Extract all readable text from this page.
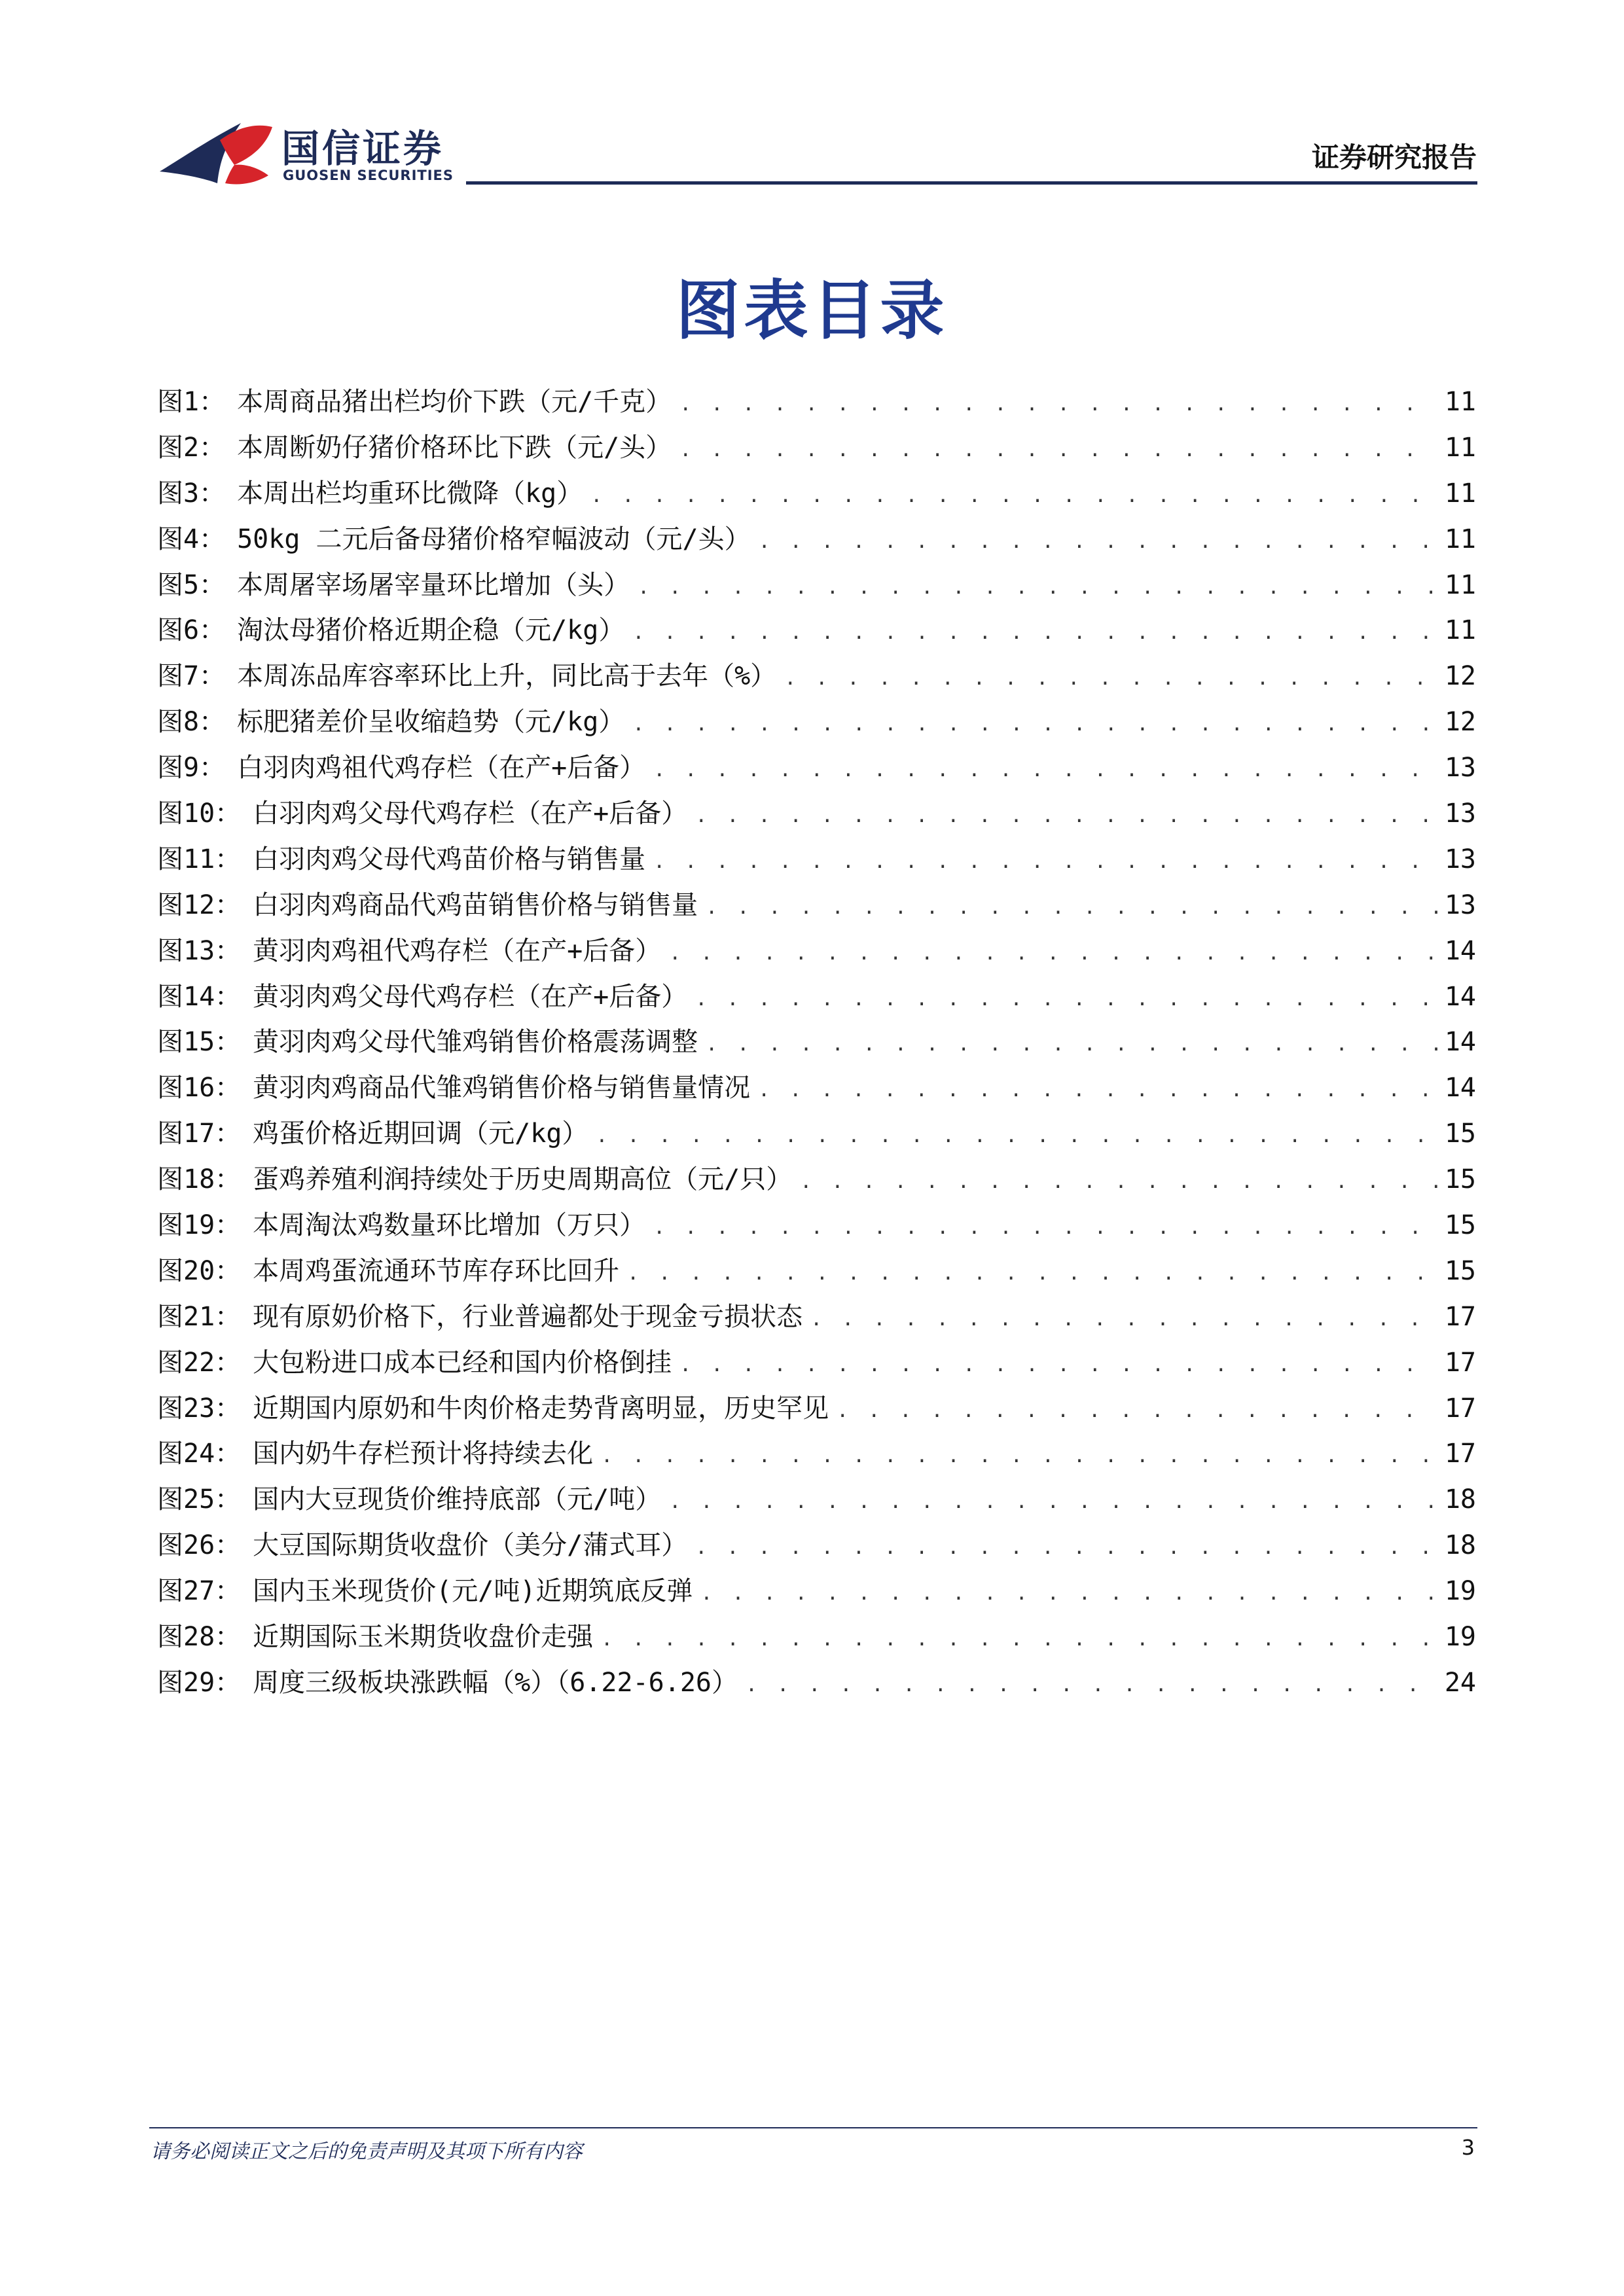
国信证券
GUOSEN SECURITIES
证券研究报告
图表目录
图1： 本周商品猪出栏均价下跌（元/千克） . . .	11
图2： 本周断奶仔猪价格环比下跌（元/头） . . .	11
图3： 本周出栏均重环比微降（kg） . . .	11
图4： 50kg 二元后备母猪价格窄幅波动（元/头） . . .	11
图5： 本周屠宰场屠宰量环比增加（头） . . .	11
图6： 淘汰母猪价格近期企稳（元/kg） . . .	11
图7： 本周冻品库容率环比上升，同比高于去年（%） . . .	12
图8： 标肥猪差价呈收缩趋势（元/kg） . . .	12
图9： 白羽肉鸡祖代鸡存栏（在产+后备） . . .	13
图10： 白羽肉鸡父母代鸡存栏（在产+后备） . . .	13
图11： 白羽肉鸡父母代鸡苗价格与销售量 . . .	13
图12： 白羽肉鸡商品代鸡苗销售价格与销售量 . . .	13
图13： 黄羽肉鸡祖代鸡存栏（在产+后备） . . .	14
图14： 黄羽肉鸡父母代鸡存栏（在产+后备） . . .	14
图15： 黄羽肉鸡父母代雏鸡销售价格震荡调整 . . .	14
图16： 黄羽肉鸡商品代雏鸡销售价格与销售量情况 . . .	14
图17： 鸡蛋价格近期回调（元/kg） . . .	15
图18： 蛋鸡养殖利润持续处于历史周期高位（元/只） . . .	15
图19： 本周淘汰鸡数量环比增加（万只） . . .	15
图20： 本周鸡蛋流通环节库存环比回升 . . .	15
图21： 现有原奶价格下，行业普遍都处于现金亏损状态 . . .	17
图22： 大包粉进口成本已经和国内价格倒挂 . . .	17
图23： 近期国内原奶和牛肉价格走势背离明显，历史罕见 . . .	17
图24： 国内奶牛存栏预计将持续去化 . . .	17
图25： 国内大豆现货价维持底部（元/吨） . . .	18
图26： 大豆国际期货收盘价（美分/蒲式耳） . . .	18
图27： 国内玉米现货价(元/吨)近期筑底反弹 . . .	19
图28： 近期国际玉米期货收盘价走强 . . .	19
图29： 周度三级板块涨跌幅（%）（6.22-6.26） . . .	24
请务必阅读正文之后的免责声明及其项下所有内容	3
